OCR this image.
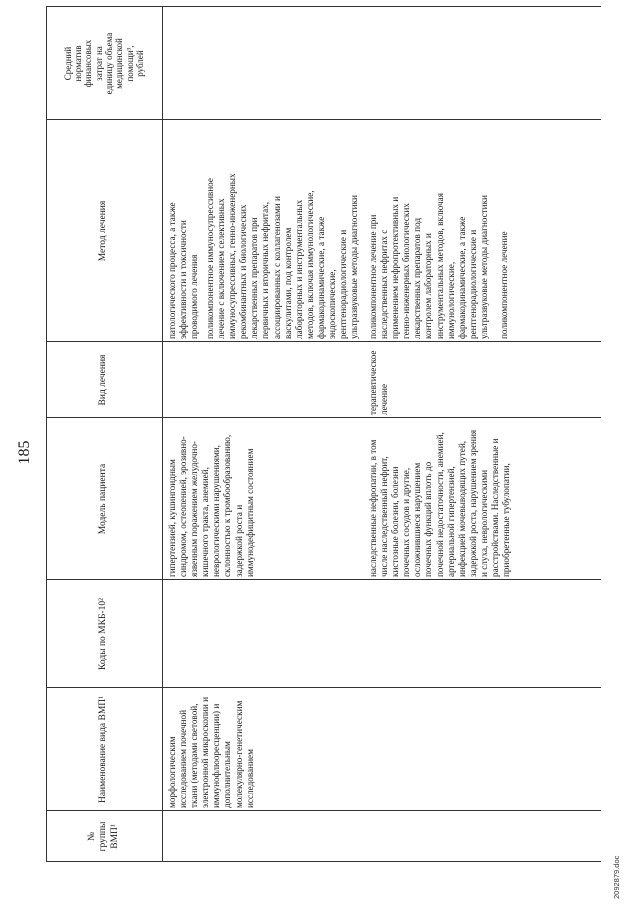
185
№
группы
ВМП¹
Наименование вида ВМП¹
Коды по МКБ-10²
Модель пациента
Вид лечения
Метод лечения
Средний
норматив
финансовых
затрат на
единицу объема
медицинской
помощи³,
рублей
морфологическим
исследованием почечной
ткани (методами световой,
электронной микроскопии и
иммунофлюоресценции) и
дополнительным
молекулярно-генетическим
исследованием
гипертензией, кушингоидным
синдромом, остеопенией, эрозивно-
язвенным поражением желудочно-
кишечного тракта, анемией,
неврологическими нарушениями,
склонностью к тромбообразованию,
задержкой роста и
иммунодефицитным состоянием
патологического процесса, а также
эффективности и токсичности
проводимого лечения поликомпонентное иммуносупрессивное
лечение с включением селективных
иммуносупрессивных, генно-инженерных
рекомбинантных и биологических
лекарственных препаратов при
первичных и вторичных нефритах,
ассоциированных с коллагенозами и
васкулитами, под контролем
лабораторных и инструментальных
методов, включая иммунологические,
фармакодинамические, а также
эндоскопические,
рентгенорадиологические и
ультразвуковые методы диагностики
наследственные нефропатии, в том
числе наследственный нефрит,
кистозные болезни, болезни
почечных сосудов и другие,
осложнившиеся нарушением
почечных функций вплоть до
почечной недостаточности, анемией,
артериальной гипертензией,
инфекцией мочевыводящих путей,
задержкой роста, нарушением зрения
и слуха, неврологическими
расстройствами. Наследственные и
приобретенные тубулопатии,
терапевтическое
лечение
поликомпонентное лечение при
наследственных нефритах с
применением нефропротективных и
генно-инженерных биологических
лекарственных препаратов под
контролем лабораторных и
инструментальных методов, включая
иммунологические,
фармакодинамические, а также
рентгенорадиологические и
ультразвуковые методы диагностики
поликомпонентное лечение
2092879.doc
